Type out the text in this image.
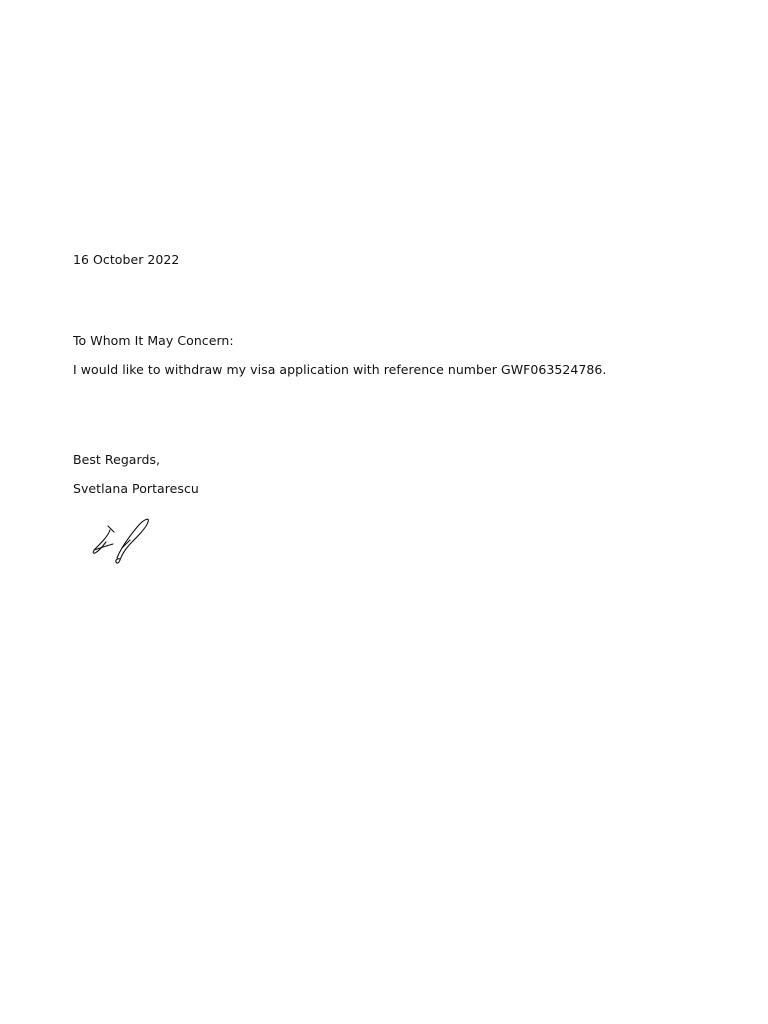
16 October 2022
To Whom It May Concern:
I would like to withdraw my visa application with reference number GWF063524786.
Best Regards,
Svetlana Portarescu
